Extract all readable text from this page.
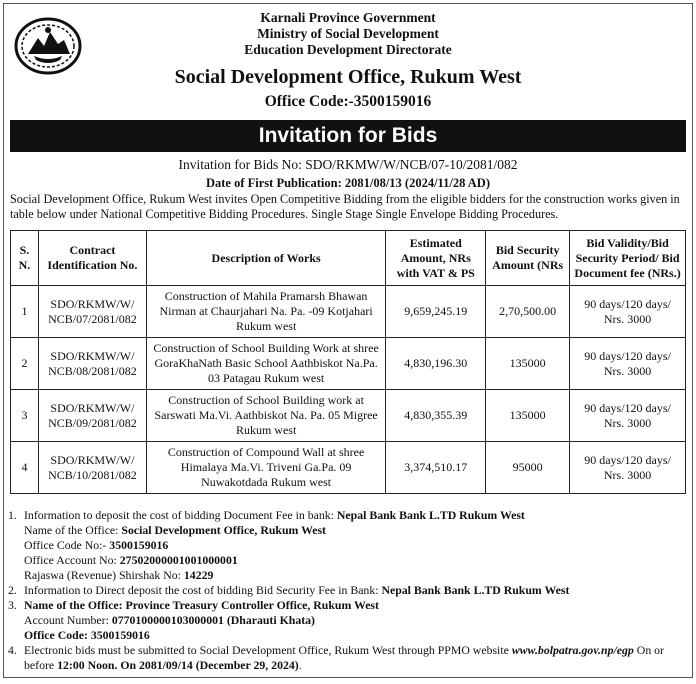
Karnali Province Government
Ministry of Social Development
Education Development Directorate
Social Development Office, Rukum West
Office Code:-3500159016
Invitation for Bids
Invitation for Bids No: SDO/RKMW/W/NCB/07-10/2081/082
Date of First Publication: 2081/08/13 (2024/11/28 AD)
Social Development Office, Rukum West invites Open Competitive Bidding from the eligible bidders for the construction works given in table below under National Competitive Bidding Procedures. Single Stage Single Envelope Bidding Procedures.
S. N.	Contract Identification No.	Description of Works	Estimated Amount, NRs with VAT & PS	Bid Security Amount (NRs	Bid Validity/Bid Security Period/ Bid Document fee (NRs.)
1	SDO/RKMW/W/ NCB/07/2081/082	Construction of Mahila Pramarsh Bhawan Nirman at Chaurjahari Na. Pa. -09 Kotjahari Rukum west	9,659,245.19	2,70,500.00	90 days/120 days/ Nrs. 3000
2	SDO/RKMW/W/ NCB/08/2081/082	Construction of School Building Work at shree GoraKhaNath Basic School Aathbiskot Na.Pa. 03 Patagau Rukum west	4,830,196.30	135000	90 days/120 days/ Nrs. 3000
3	SDO/RKMW/W/ NCB/09/2081/082	Construction of School Building work at Sarswati Ma.Vi. Aathbiskot Na. Pa. 05 Migree Rukum west	4,830,355.39	135000	90 days/120 days/ Nrs. 3000
4	SDO/RKMW/W/ NCB/10/2081/082	Construction of Compound Wall at shree Himalaya Ma.Vi. Triveni Ga.Pa. 09 Nuwakotdada Rukum west	3,374,510.17	95000	90 days/120 days/ Nrs. 3000
1. Information to deposit the cost of bidding Document Fee in bank: Nepal Bank Bank L.TD Rukum West
Name of the Office: Social Development Office, Rukum West
Office Code No:- 3500159016
Office Account No: 27502000001001000001
Rajaswa (Revenue) Shirshak No: 14229
2. Information to Direct deposit the cost of bidding Bid Security Fee in Bank: Nepal Bank Bank L.TD Rukum West
3. Name of the Office: Province Treasury Controller Office, Rukum West
Account Number: 0770100000103000001 (Dharauti Khata)
Office Code: 3500159016
4. Electronic bids must be submitted to Social Development Office, Rukum West through PPMO website www.bolpatra.gov.np/egp On or before 12:00 Noon. On 2081/09/14 (December 29, 2024).
